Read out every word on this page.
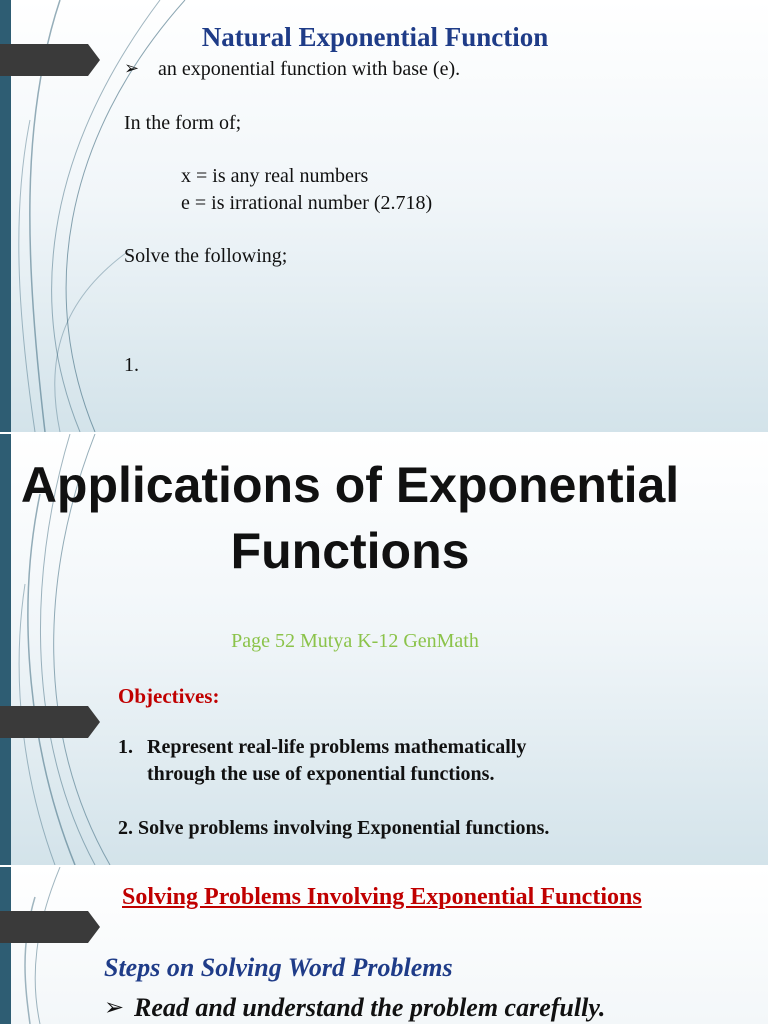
Natural Exponential Function
➢ an exponential function with base (e).

In the form of;

x = is any real numbers

e = is irrational number (2.718)

Solve the following;

1.

Applications of Exponential Functions

Page 52 Mutya K-12 GenMath

Objectives:

1. Represent real-life problems mathematically

through the use of exponential functions.

2. Solve problems involving Exponential functions.

Solving Problems Involving Exponential Functions

Steps on Solving Word Problems

➢ Read and understand the problem carefully.
